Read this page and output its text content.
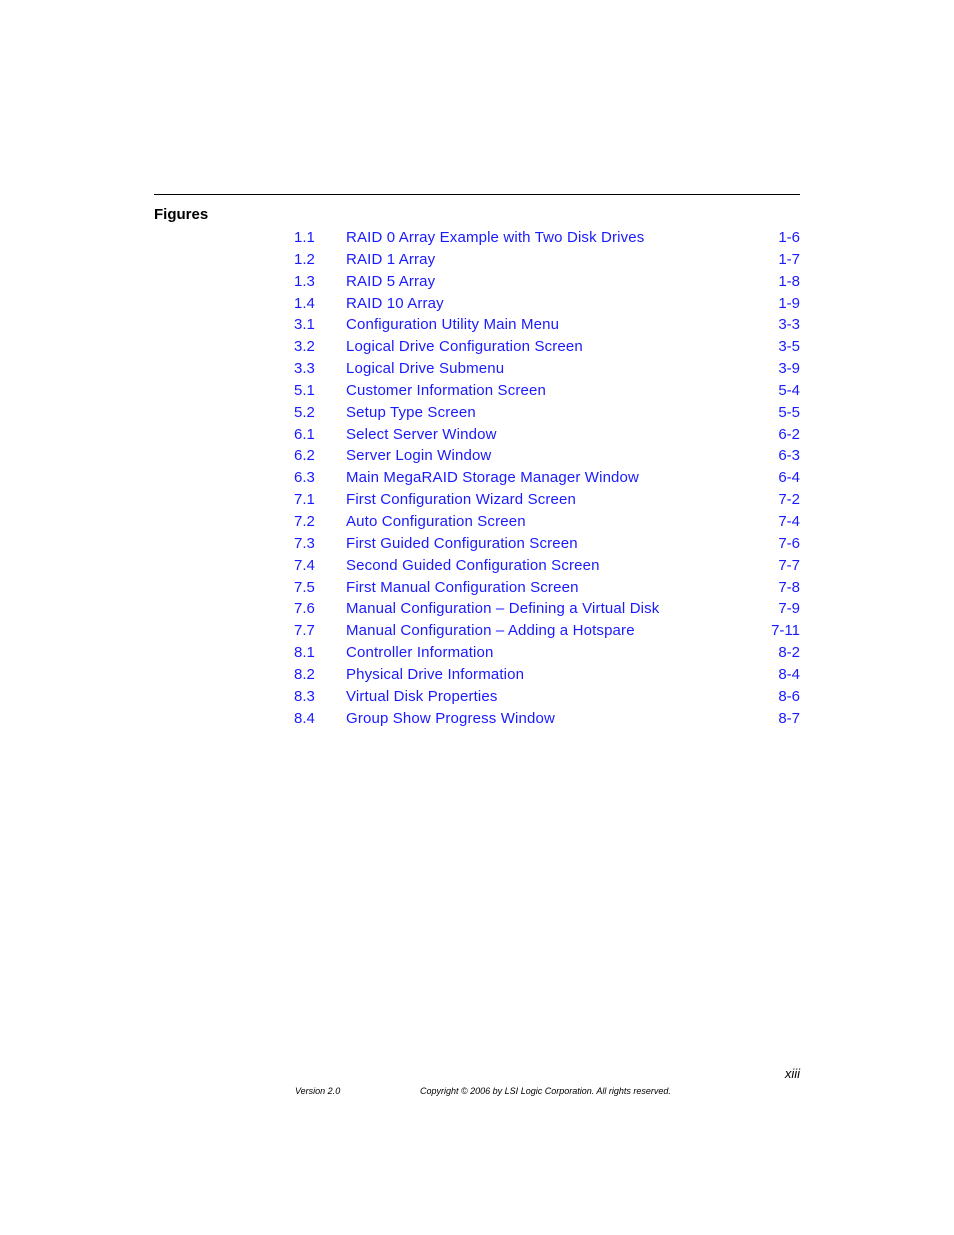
Figures
1.1 RAID 0 Array Example with Two Disk Drives	1-6
1.2 RAID 1 Array	1-7
1.3 RAID 5 Array	1-8
1.4 RAID 10 Array	1-9
3.1 Configuration Utility Main Menu	3-3
3.2 Logical Drive Configuration Screen	3-5
3.3 Logical Drive Submenu	3-9
5.1 Customer Information Screen	5-4
5.2 Setup Type Screen	5-5
6.1 Select Server Window	6-2
6.2 Server Login Window	6-3
6.3 Main MegaRAID Storage Manager Window	6-4
7.1 First Configuration Wizard Screen	7-2
7.2 Auto Configuration Screen	7-4
7.3 First Guided Configuration Screen	7-6
7.4 Second Guided Configuration Screen	7-7
7.5 First Manual Configuration Screen	7-8
7.6 Manual Configuration – Defining a Virtual Disk	7-9
7.7 Manual Configuration – Adding a Hotspare	7-11
8.1 Controller Information	8-2
8.2 Physical Drive Information	8-4
8.3 Virtual Disk Properties	8-6
8.4 Group Show Progress Window	8-7
xiii
Version 2.0	Copyright © 2006 by LSI Logic Corporation. All rights reserved.
